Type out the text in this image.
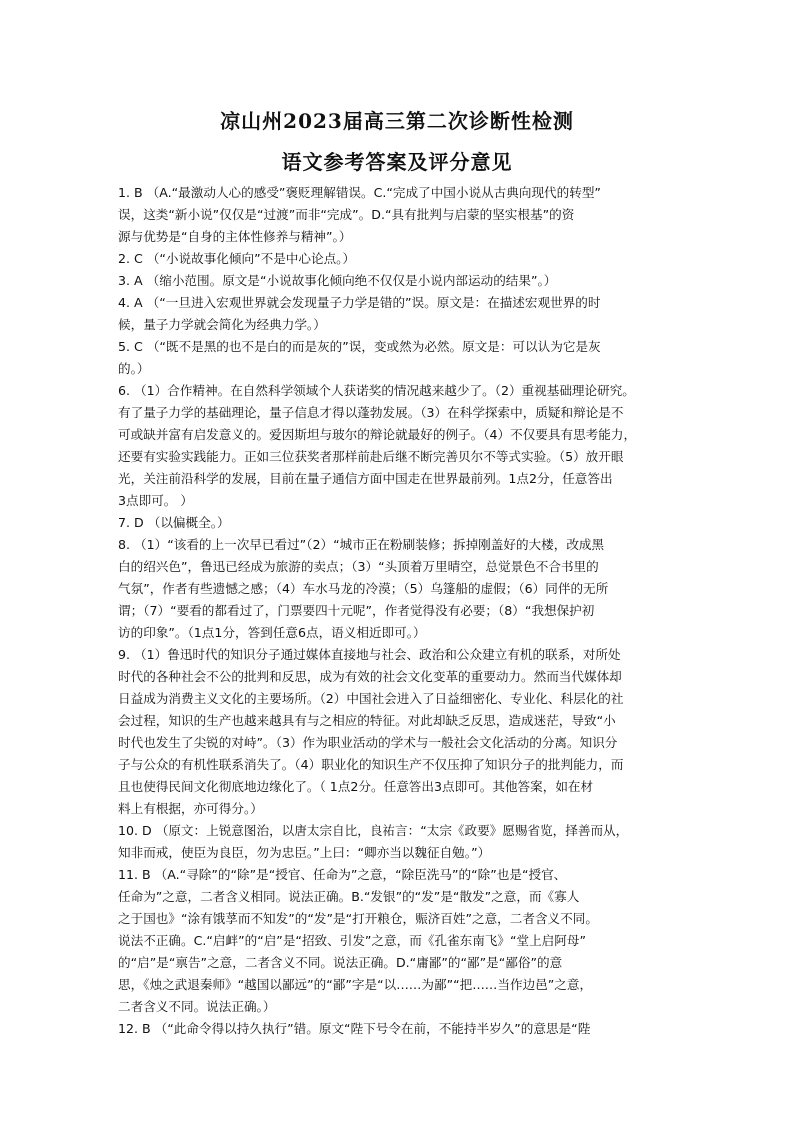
凉山州2023届高三第二次诊断性检测
语文参考答案及评分意见
1. B （A.“最激动人心的感受”褒贬理解错误。C.“完成了中国小说从古典向现代的转型”
误，这类“新小说”仅仅是“过渡”而非“完成”。D.“具有批判与启蒙的坚实根基”的资
源与优势是“自身的主体性修养与精神”。）
2. C （“小说故事化倾向”不是中心论点。）
3. A （缩小范围。原文是“小说故事化倾向绝不仅仅是小说内部运动的结果”。）
4. A （“一旦进入宏观世界就会发现量子力学是错的”误。原文是：在描述宏观世界的时
候，量子力学就会简化为经典力学。）
5. C （“既不是黑的也不是白的而是灰的”误，变或然为必然。原文是：可以认为它是灰
的。）
6. （1）合作精神。在自然科学领域个人获诺奖的情况越来越少了。（2）重视基础理论研究。
有了量子力学的基础理论，量子信息才得以蓬勃发展。（3）在科学探索中，质疑和辩论是不
可或缺并富有启发意义的。爱因斯坦与玻尔的辩论就最好的例子。（4）不仅要具有思考能力，
还要有实验实践能力。正如三位获奖者那样前赴后继不断完善贝尔不等式实验。（5）放开眼
光，关注前沿科学的发展，目前在量子通信方面中国走在世界最前列。1点2分，任意答出
3点即可。 ）
7. D （以偏概全。）
8. （1）“该看的上一次早已看过”（2）“城市正在粉刷装修；拆掉刚盖好的大楼，改成黑
白的绍兴色”，鲁迅已经成为旅游的卖点；（3）“头顶着万里晴空，总觉景色不合书里的
气氛”，作者有些遗憾之感；（4）车水马龙的冷漠；（5）乌篷船的虚假；（6）同伴的无所
谓；（7）“要看的都看过了，门票要四十元呢”，作者觉得没有必要；（8）“我想保护初
访的印象”。（1点1分，答到任意6点，语义相近即可。）
9. （1）鲁迅时代的知识分子通过媒体直接地与社会、政治和公众建立有机的联系，对所处
时代的各种社会不公的批判和反思，成为有效的社会文化变革的重要动力。然而当代媒体却
日益成为消费主义文化的主要场所。（2）中国社会进入了日益细密化、专业化、科层化的社
会过程，知识的生产也越来越具有与之相应的特征。对此却缺乏反思，造成迷茫，导致“小
时代也发生了尖锐的对峙”。（3）作为职业活动的学术与一般社会文化活动的分离。知识分
子与公众的有机性联系消失了。（4）职业化的知识生产不仅压抑了知识分子的批判能力，而
且也使得民间文化彻底地边缘化了。（ 1点2分。任意答出3点即可。其他答案，如在材
料上有根据，亦可得分。）
10. D （原文：上锐意图治，以唐太宗自比，良祐言：“太宗《政要》愿赐省览，择善而从，
知非而戒，使臣为良臣，勿为忠臣。”上曰：“卿亦当以魏征自勉。”）
11. B （A.“寻除”的“除”是“授官、任命为”之意，“除臣洗马”的“除”也是“授官、
任命为”之意，二者含义相同。说法正确。B.“发银”的“发”是“散发”之意，而《寡人
之于国也》“涂有饿莩而不知发”的“发”是“打开粮仓，赈济百姓”之意，二者含义不同。
说法不正确。C.“启衅”的“启”是“招致、引发”之意，而《孔雀东南飞》“堂上启阿母”
的“启”是“禀告”之意，二者含义不同。说法正确。D.“庸鄙”的“鄙”是“鄙俗”的意
思，《烛之武退秦师》“越国以鄙远”的“鄙”字是“以……为鄙”“把……当作边邑”之意，
二者含义不同。说法正确。）
12. B （“此命令得以持久执行”错。原文“陛下号令在前，不能持半岁久”的意思是“陛
